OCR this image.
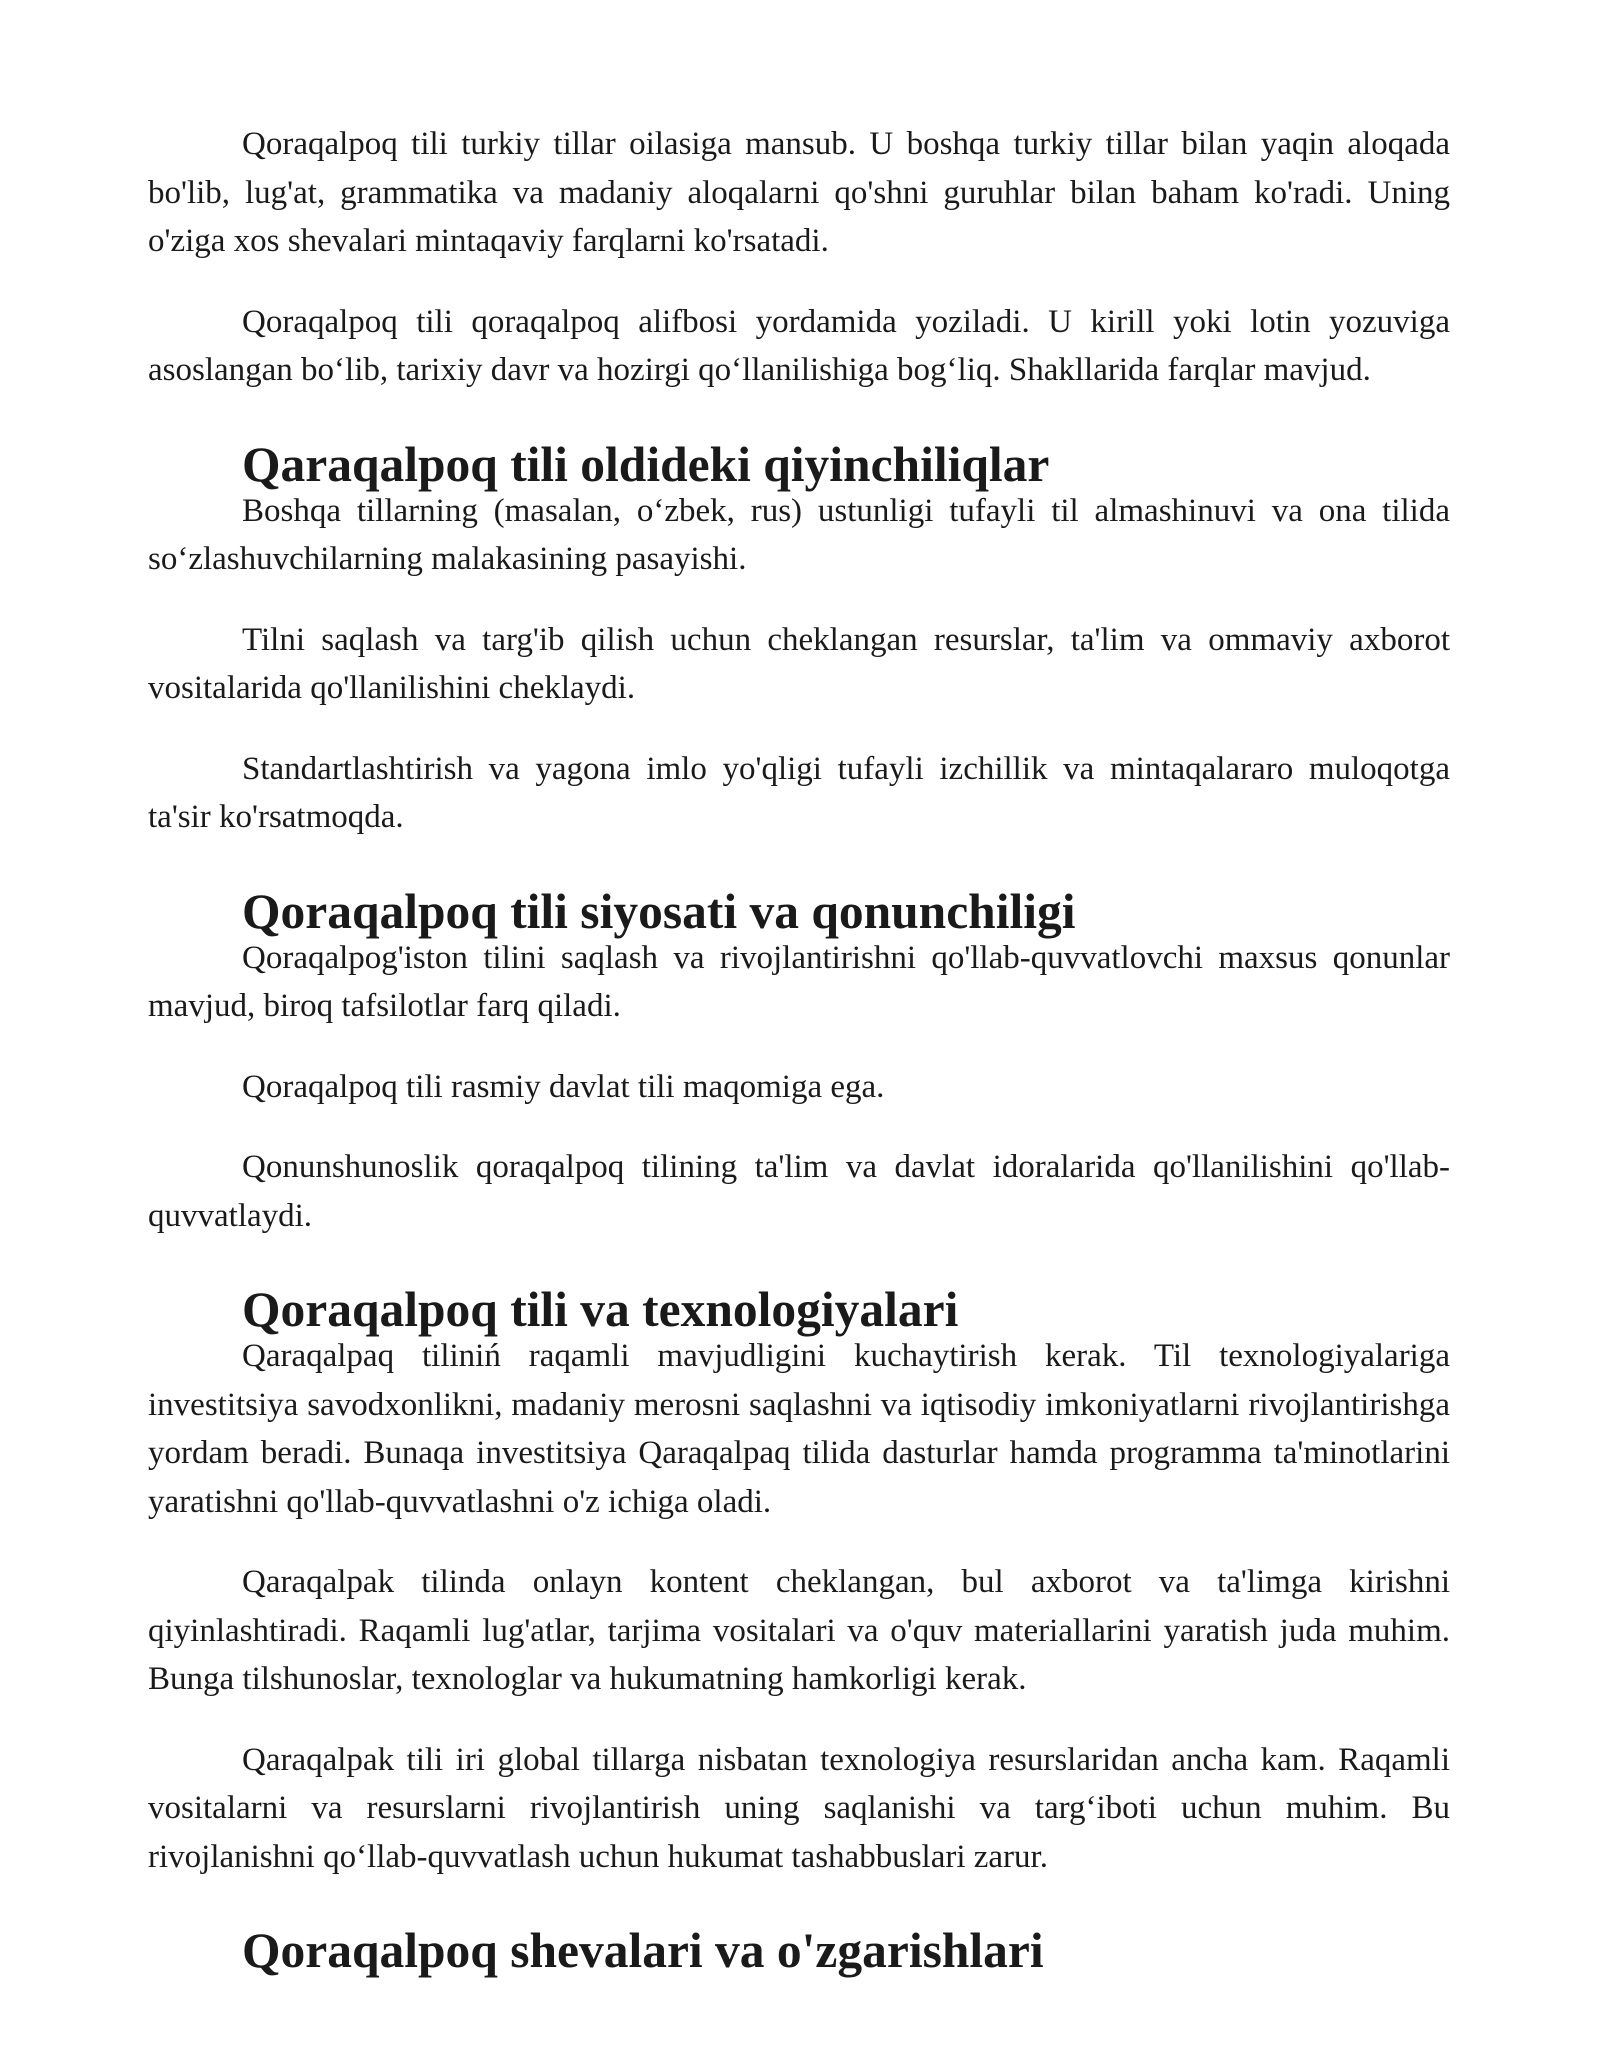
Qoraqalpoq tili turkiy tillar oilasiga mansub. U boshqa turkiy tillar bilan yaqin aloqada bo'lib, lug'at, grammatika va madaniy aloqalarni qo'shni guruhlar bilan baham ko'radi. Uning o'ziga xos shevalari mintaqaviy farqlarni ko'rsatadi.

Qoraqalpoq tili qoraqalpoq alifbosi yordamida yoziladi. U kirill yoki lotin yozuviga asoslangan bo‘lib, tarixiy davr va hozirgi qo‘llanilishiga bog‘liq. Shakllarida farqlar mavjud.

Qaraqalpoq tili oldideki qiyinchiliqlar

Boshqa tillarning (masalan, o‘zbek, rus) ustunligi tufayli til almashinuvi va ona tilida so‘zlashuvchilarning malakasining pasayishi.

Tilni saqlash va targ'ib qilish uchun cheklangan resurslar, ta'lim va ommaviy axborot vositalarida qo'llanilishini cheklaydi.

Standartlashtirish va yagona imlo yo'qligi tufayli izchillik va mintaqalararo muloqotga ta'sir ko'rsatmoqda.

Qoraqalpoq tili siyosati va qonunchiligi

Qoraqalpog'iston tilini saqlash va rivojlantirishni qo'llab-quvvatlovchi maxsus qonunlar mavjud, biroq tafsilotlar farq qiladi.

Qoraqalpoq tili rasmiy davlat tili maqomiga ega.

Qonunshunoslik qoraqalpoq tilining ta'lim va davlat idoralarida qo'llanilishini qo'llab-quvvatlaydi.

Qoraqalpoq tili va texnologiyalari

Qaraqalpaq tiliniń raqamli mavjudligini kuchaytirish kerak. Til texnologiyalariga investitsiya savodxonlikni, madaniy merosni saqlashni va iqtisodiy imkoniyatlarni rivojlantirishga yordam beradi. Bunaqa investitsiya Qaraqalpaq tilida dasturlar hamda programma ta'minotlarini yaratishni qo'llab-quvvatlashni o'z ichiga oladi.

Qaraqalpak tilinda onlayn kontent cheklangan, bul axborot va ta'limga kirishni qiyinlashtiradi. Raqamli lug'atlar, tarjima vositalari va o'quv materiallarini yaratish juda muhim. Bunga tilshunoslar, texnologlar va hukumatning hamkorligi kerak.

Qaraqalpak tili iri global tillarga nisbatan texnologiya resurslaridan ancha kam. Raqamli vositalarni va resurslarni rivojlantirish uning saqlanishi va targ‘iboti uchun muhim. Bu rivojlanishni qo‘llab-quvvatlash uchun hukumat tashabbuslari zarur.

Qoraqalpoq shevalari va o'zgarishlari
